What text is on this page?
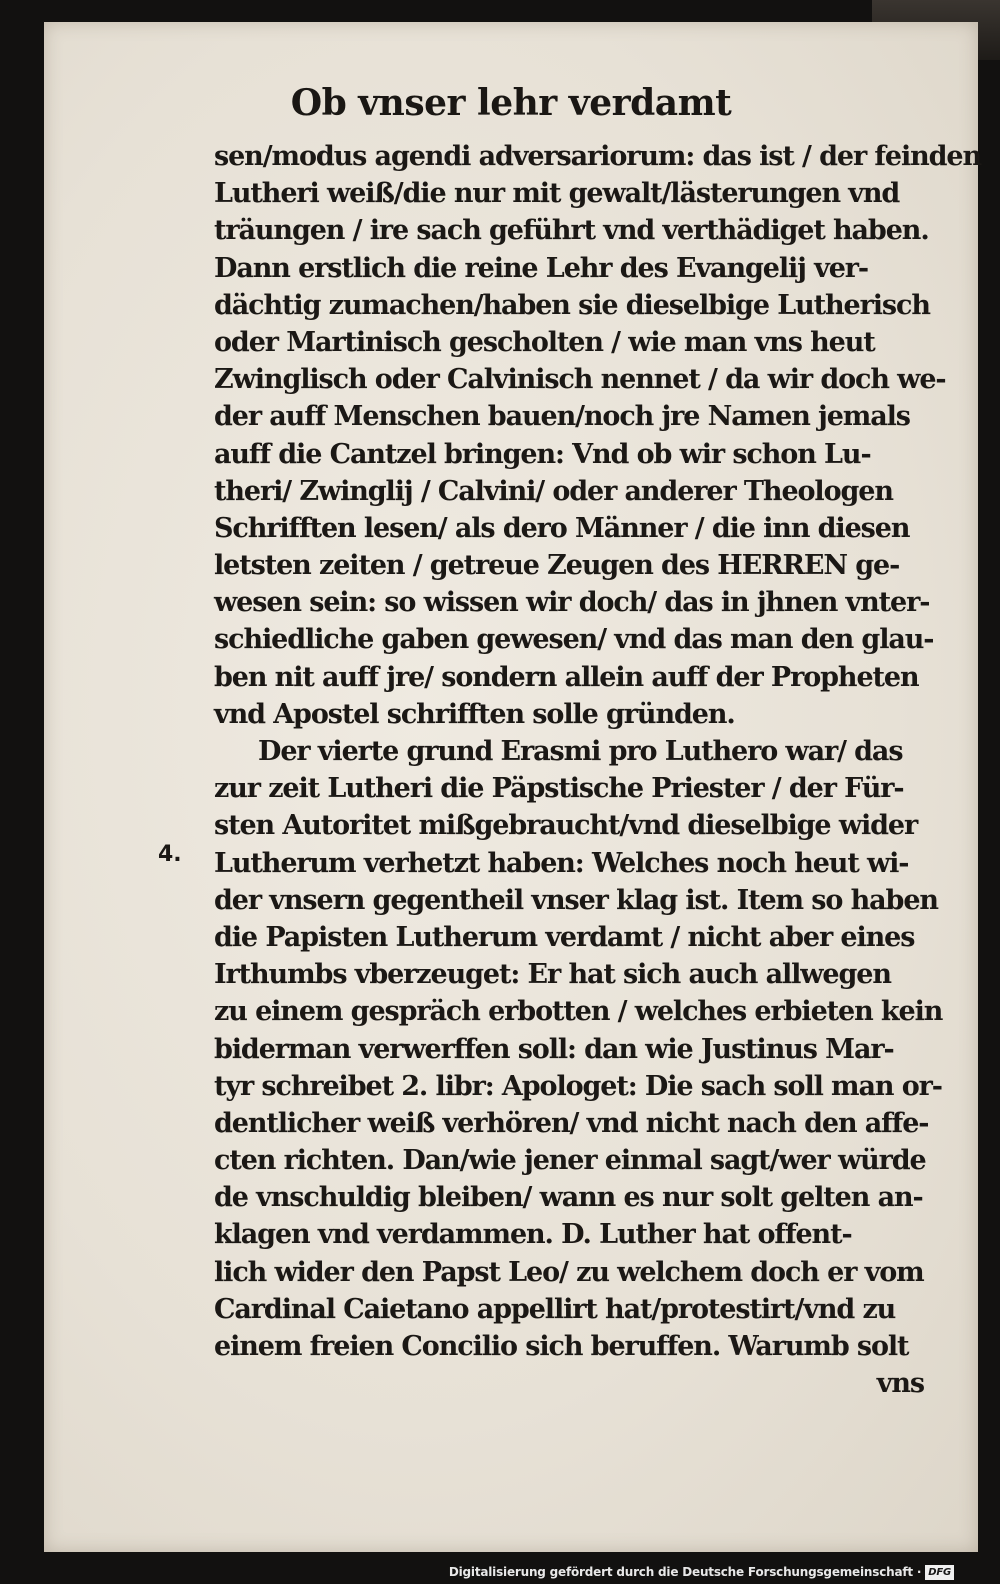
Ob vnser lehr verdamt
4.
sen/modus agendi adversariorum: das ist / der feinden
Lutheri weiß/die nur mit gewalt/lästerungen vnd
träungen / ire sach geführt vnd verthädiget haben.
Dann erstlich die reine Lehr des Evangelij ver-
dächtig zumachen/haben sie dieselbige Lutherisch
oder Martinisch gescholten / wie man vns heut
Zwinglisch oder Calvinisch nennet / da wir doch we-
der auff Menschen bauen/noch jre Namen jemals
auff die Cantzel bringen: Vnd ob wir schon Lu-
theri/ Zwinglij / Calvini/ oder anderer Theologen
Schrifften lesen/ als dero Männer / die inn diesen
letsten zeiten / getreue Zeugen des HERREN ge-
wesen sein: so wissen wir doch/ das in jhnen vnter-
schiedliche gaben gewesen/ vnd das man den glau-
ben nit auff jre/ sondern allein auff der Propheten
vnd Apostel schrifften solle gründen.
Der vierte grund Erasmi pro Luthero war/ das
zur zeit Lutheri die Päpstische Priester / der Für-
sten Autoritet mißgebraucht/vnd dieselbige wider
Lutherum verhetzt haben: Welches noch heut wi-
der vnsern gegentheil vnser klag ist. Item so haben
die Papisten Lutherum verdamt / nicht aber eines
Irthumbs vberzeuget: Er hat sich auch allwegen
zu einem gespräch erbotten / welches erbieten kein
biderman verwerffen soll: dan wie Justinus Mar-
tyr schreibet 2. libr: Apologet: Die sach soll man or-
dentlicher weiß verhören/ vnd nicht nach den affe-
cten richten. Dan/wie jener einmal sagt/wer würde
de vnschuldig bleiben/ wann es nur solt gelten an-
klagen vnd verdammen. D. Luther hat offent-
lich wider den Papst Leo/ zu welchem doch er vom
Cardinal Caietano appellirt hat/protestirt/vnd zu
einem freien Concilio sich beruffen. Warumb solt
vns
Digitalisierung gefördert durch die Deutsche Forschungsgemeinschaft · DFG
